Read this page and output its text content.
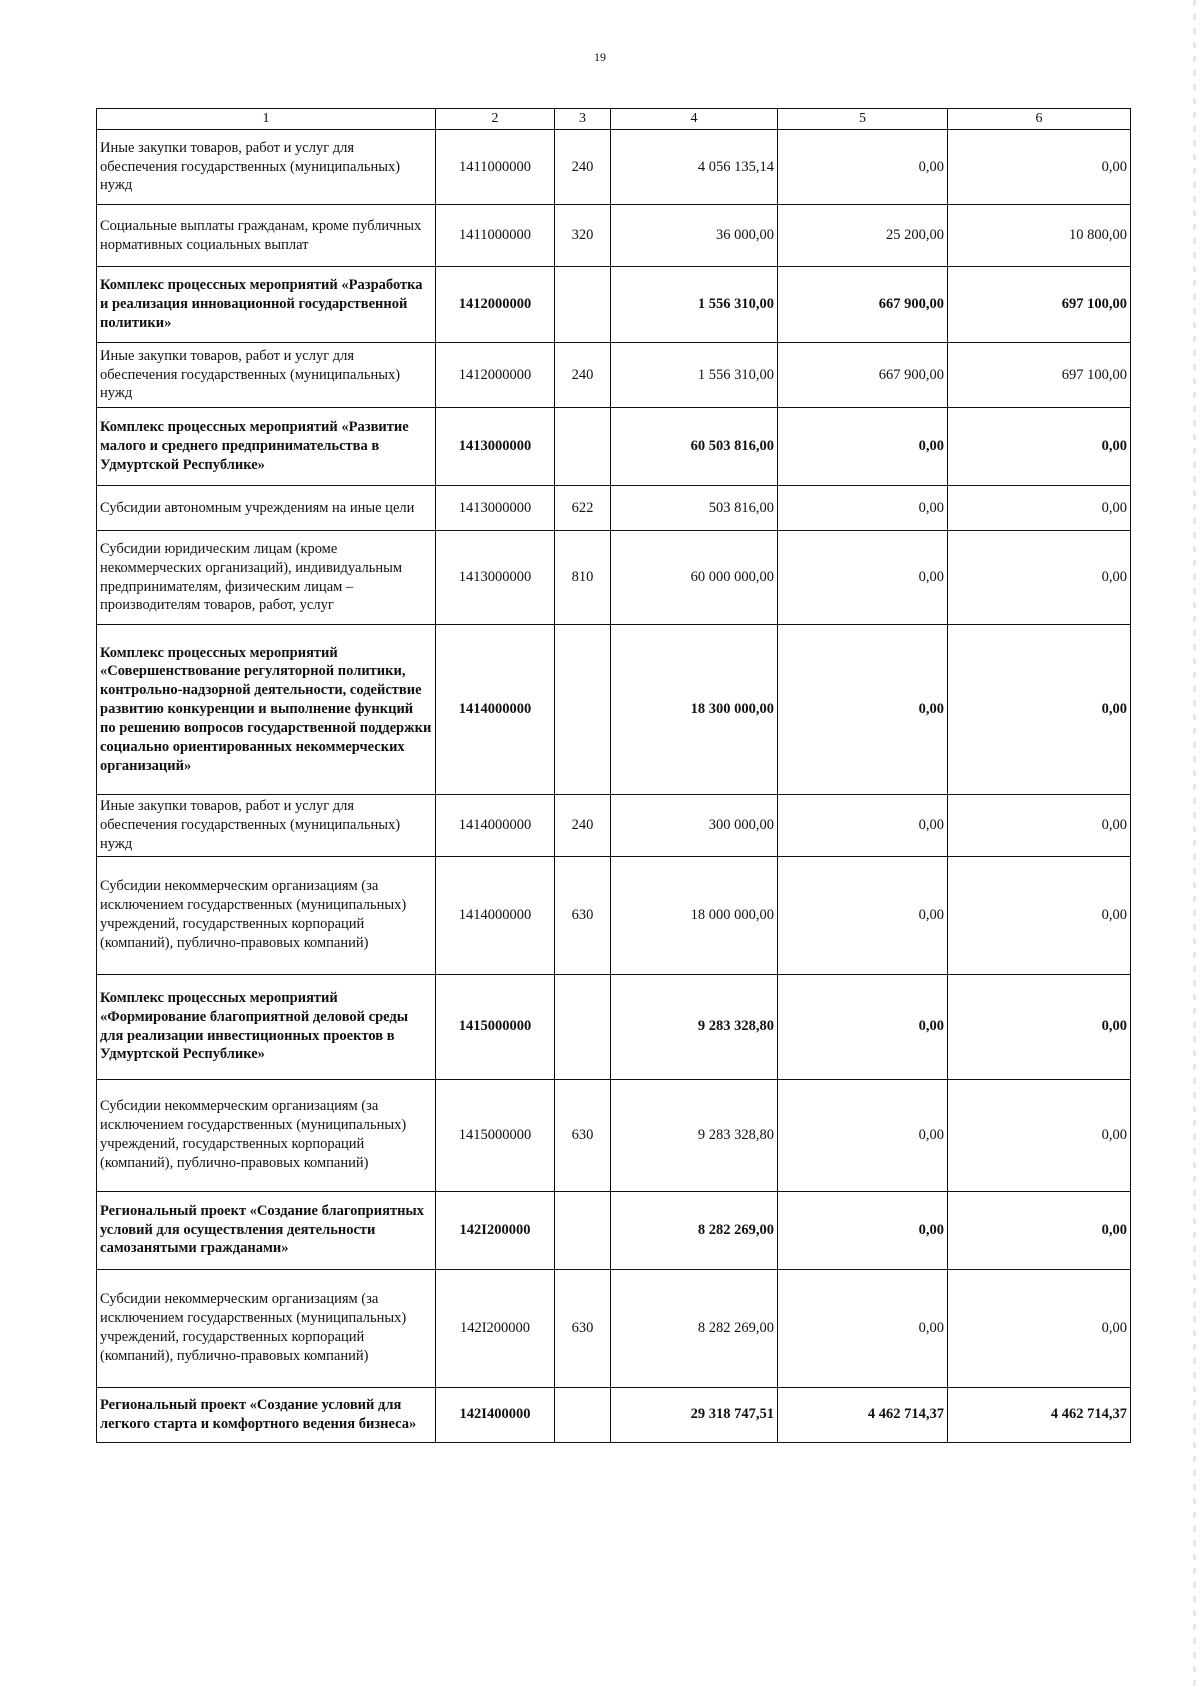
19
1	2	3	4	5	6
Иные закупки товаров, работ и услуг для обеспечения государственных (муниципальных) нужд	1411000000	240	4 056 135,14	0,00	0,00
Социальные выплаты гражданам, кроме публичных нормативных социальных выплат	1411000000	320	36 000,00	25 200,00	10 800,00
Комплекс процессных мероприятий «Разработка и реализация инновационной государственной политики»	1412000000		1 556 310,00	667 900,00	697 100,00
Иные закупки товаров, работ и услуг для обеспечения государственных (муниципальных) нужд	1412000000	240	1 556 310,00	667 900,00	697 100,00
Комплекс процессных мероприятий «Развитие малого и среднего предпринимательства в Удмуртской Республике»	1413000000		60 503 816,00	0,00	0,00
Субсидии автономным учреждениям на иные цели	1413000000	622	503 816,00	0,00	0,00
Субсидии юридическим лицам (кроме некоммерческих организаций), индивидуальным предпринимателям, физическим лицам – производителям товаров, работ, услуг	1413000000	810	60 000 000,00	0,00	0,00
Комплекс процессных мероприятий «Совершенствование регуляторной политики, контрольно-надзорной деятельности, содействие развитию конкуренции и выполнение функций по решению вопросов государственной поддержки социально ориентированных некоммерческих организаций»	1414000000		18 300 000,00	0,00	0,00
Иные закупки товаров, работ и услуг для обеспечения государственных (муниципальных) нужд	1414000000	240	300 000,00	0,00	0,00
Субсидии некоммерческим организациям (за исключением государственных (муниципальных) учреждений, государственных корпораций (компаний), публично-правовых компаний)	1414000000	630	18 000 000,00	0,00	0,00
Комплекс процессных мероприятий «Формирование благоприятной деловой среды для реализации инвестиционных проектов в Удмуртской Республике»	1415000000		9 283 328,80	0,00	0,00
Субсидии некоммерческим организациям (за исключением государственных (муниципальных) учреждений, государственных корпораций (компаний), публично-правовых компаний)	1415000000	630	9 283 328,80	0,00	0,00
Региональный проект «Создание благоприятных условий для осуществления деятельности самозанятыми гражданами»	142I200000		8 282 269,00	0,00	0,00
Субсидии некоммерческим организациям (за исключением государственных (муниципальных) учреждений, государственных корпораций (компаний), публично-правовых компаний)	142I200000	630	8 282 269,00	0,00	0,00
Региональный проект «Создание условий для легкого старта и комфортного ведения бизнеса»	142I400000		29 318 747,51	4 462 714,37	4 462 714,37
